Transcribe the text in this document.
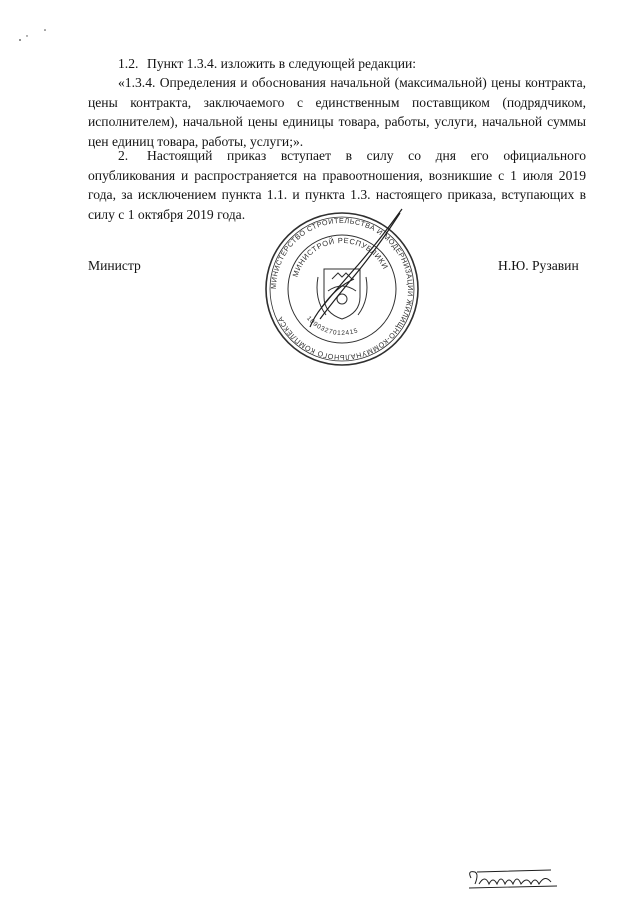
1.2. Пункт 1.3.4. изложить в следующей редакции:
«1.3.4. Определения и обоснования начальной (максимальной) цены контракта, цены контракта, заключаемого с единственным поставщиком (подрядчиком, исполнителем), начальной цены единицы товара, работы, услуги, начальной суммы цен единиц товара, работы, услуги;».
2. Настоящий приказ вступает в силу со дня его официального опубликования и распространяется на правоотношения, возникшие с 1 июля 2019 года, за исключением пункта 1.1. и пункта 1.3. настоящего приказа, вступающих в силу с 1 октября 2019 года.
Министр	Н.Ю. Рузавин
МИНИСТЕРСТВО СТРОИТЕЛЬСТВА И МОДЕРНИЗАЦИИ ЖИЛИЩНО-КОММУНАЛЬНОГО КОМПЛЕКСА
МИНИСТРОЙ РЕСПУБЛИКИ
1090327012415
